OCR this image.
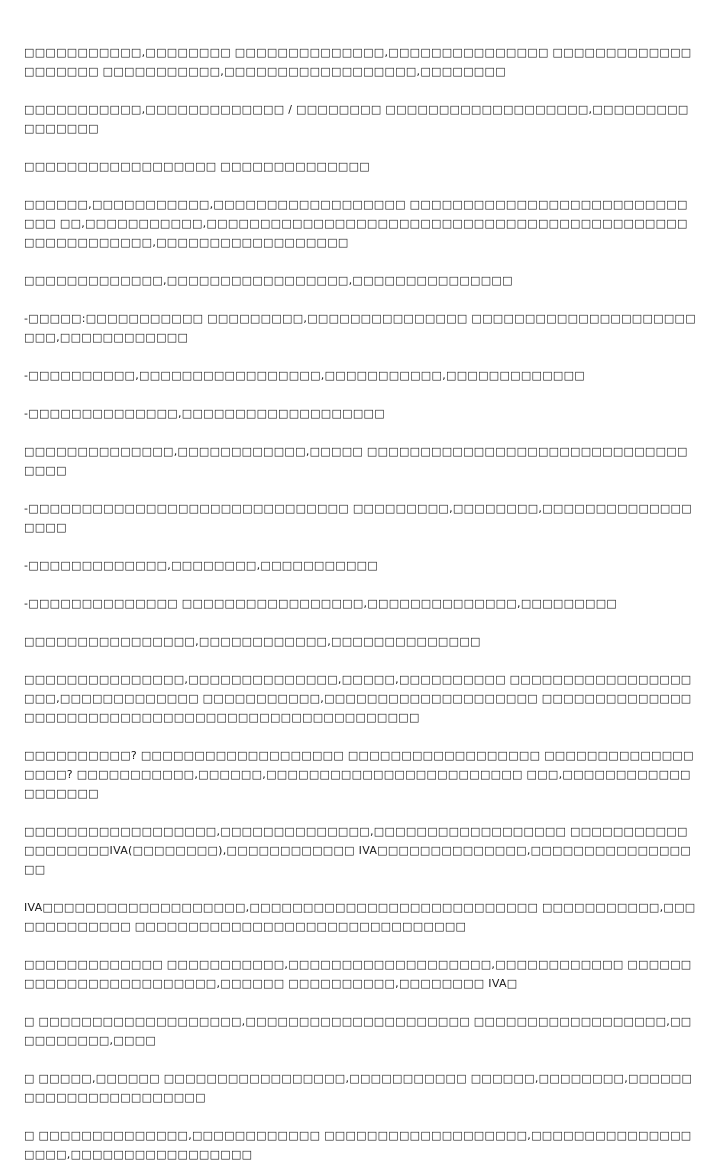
□□□□□□□□□□□,□□□□□□□□ □□□□□□□□□□□□□□,□□□□□□□□□□□□□□□ □□□□□□□□□□□□□□□□□□□□ □□□□□□□□□□□,□□□□□□□□□□□□□□□□□□,□□□□□□□□

□□□□□□□□□□□,□□□□□□□□□□□□□ / □□□□□□□□ □□□□□□□□□□□□□□□□□□□,□□□□□□□□□□□□□□□□

□□□□□□□□□□□□□□□□□□ □□□□□□□□□□□□□□

□□□□□□,□□□□□□□□□□□,□□□□□□□□□□□□□□□□□□ □□□□□□□□□□□□□□□□□□□□□□□□□□□□□ □□,□□□□□□□□□□□,□□□□□□□□□□□□□□□□□□□□□□□□□□□□□□□□□□□□□□□□□□□□□□□□□□□□□□□□□,□□□□□□□□□□□□□□□□□□

□□□□□□□□□□□□□,□□□□□□□□□□□□□□□□□,□□□□□□□□□□□□□□□

-□□□□□:□□□□□□□□□□□ □□□□□□□□□,□□□□□□□□□□□□□□□ □□□□□□□□□□□□□□□□□□□□□□□□,□□□□□□□□□□□□

-□□□□□□□□□□,□□□□□□□□□□□□□□□□□,□□□□□□□□□□□,□□□□□□□□□□□□□

-□□□□□□□□□□□□□□,□□□□□□□□□□□□□□□□□□□

□□□□□□□□□□□□□□,□□□□□□□□□□□□,□□□□□ □□□□□□□□□□□□□□□□□□□□□□□□□□□□□□□□□□

-□□□□□□□□□□□□□□□□□□□□□□□□□□□□□□ □□□□□□□□□,□□□□□□□□,□□□□□□□□□□□□□□□□□□

-□□□□□□□□□□□□□,□□□□□□□□,□□□□□□□□□□□

-□□□□□□□□□□□□□□ □□□□□□□□□□□□□□□□□,□□□□□□□□□□□□□□,□□□□□□□□□

□□□□□□□□□□□□□□□□,□□□□□□□□□□□□,□□□□□□□□□□□□□□

□□□□□□□□□□□□□□□,□□□□□□□□□□□□□□,□□□□□,□□□□□□□□□□ □□□□□□□□□□□□□□□□□□□□,□□□□□□□□□□□□□ □□□□□□□□□□□,□□□□□□□□□□□□□□□□□□□□ □□□□□□□□□□□□□□□□□□□□□□□□□□□□□□□□□□□□□□□□□□□□□□□□□□□

□□□□□□□□□□? □□□□□□□□□□□□□□□□□□□ □□□□□□□□□□□□□□□□□□ □□□□□□□□□□□□□□□□□□? □□□□□□□□□□□,□□□□□□,□□□□□□□□□□□□□□□□□□□□□□□□ □□□,□□□□□□□□□□□□□□□□□□□

□□□□□□□□□□□□□□□□□□,□□□□□□□□□□□□□□,□□□□□□□□□□□□□□□□□□ □□□□□□□□□□□□□□□□□□□IVA(□□□□□□□□),□□□□□□□□□□□□ IVA□□□□□□□□□□□□□□,□□□□□□□□□□□□□□□□□

IVA□□□□□□□□□□□□□□□□□□□,□□□□□□□□□□□□□□□□□□□□□□□□□□□ □□□□□□□□□□□,□□□□□□□□□□□□□ □□□□□□□□□□□□□□□□□□□□□□□□□□□□□□□

□□□□□□□□□□□□□ □□□□□□□□□□□,□□□□□□□□□□□□□□□□□□□,□□□□□□□□□□□□ □□□□□□□□□□□□□□□□□□□□□□□□,□□□□□□ □□□□□□□□□□,□□□□□□□□ IVA□

□ □□□□□□□□□□□□□□□□□□□,□□□□□□□□□□□□□□□□□□□□□ □□□□□□□□□□□□□□□□□□,□□□□□□□□□□,□□□□

□ □□□□□,□□□□□□ □□□□□□□□□□□□□□□□□,□□□□□□□□□□□ □□□□□□,□□□□□□□□,□□□□□□□□□□□□□□□□□□□□□□□

□ □□□□□□□□□□□□□□,□□□□□□□□□□□□ □□□□□□□□□□□□□□□□□□□,□□□□□□□□□□□□□□□□□□□,□□□□□□□□□□□□□□□□□
